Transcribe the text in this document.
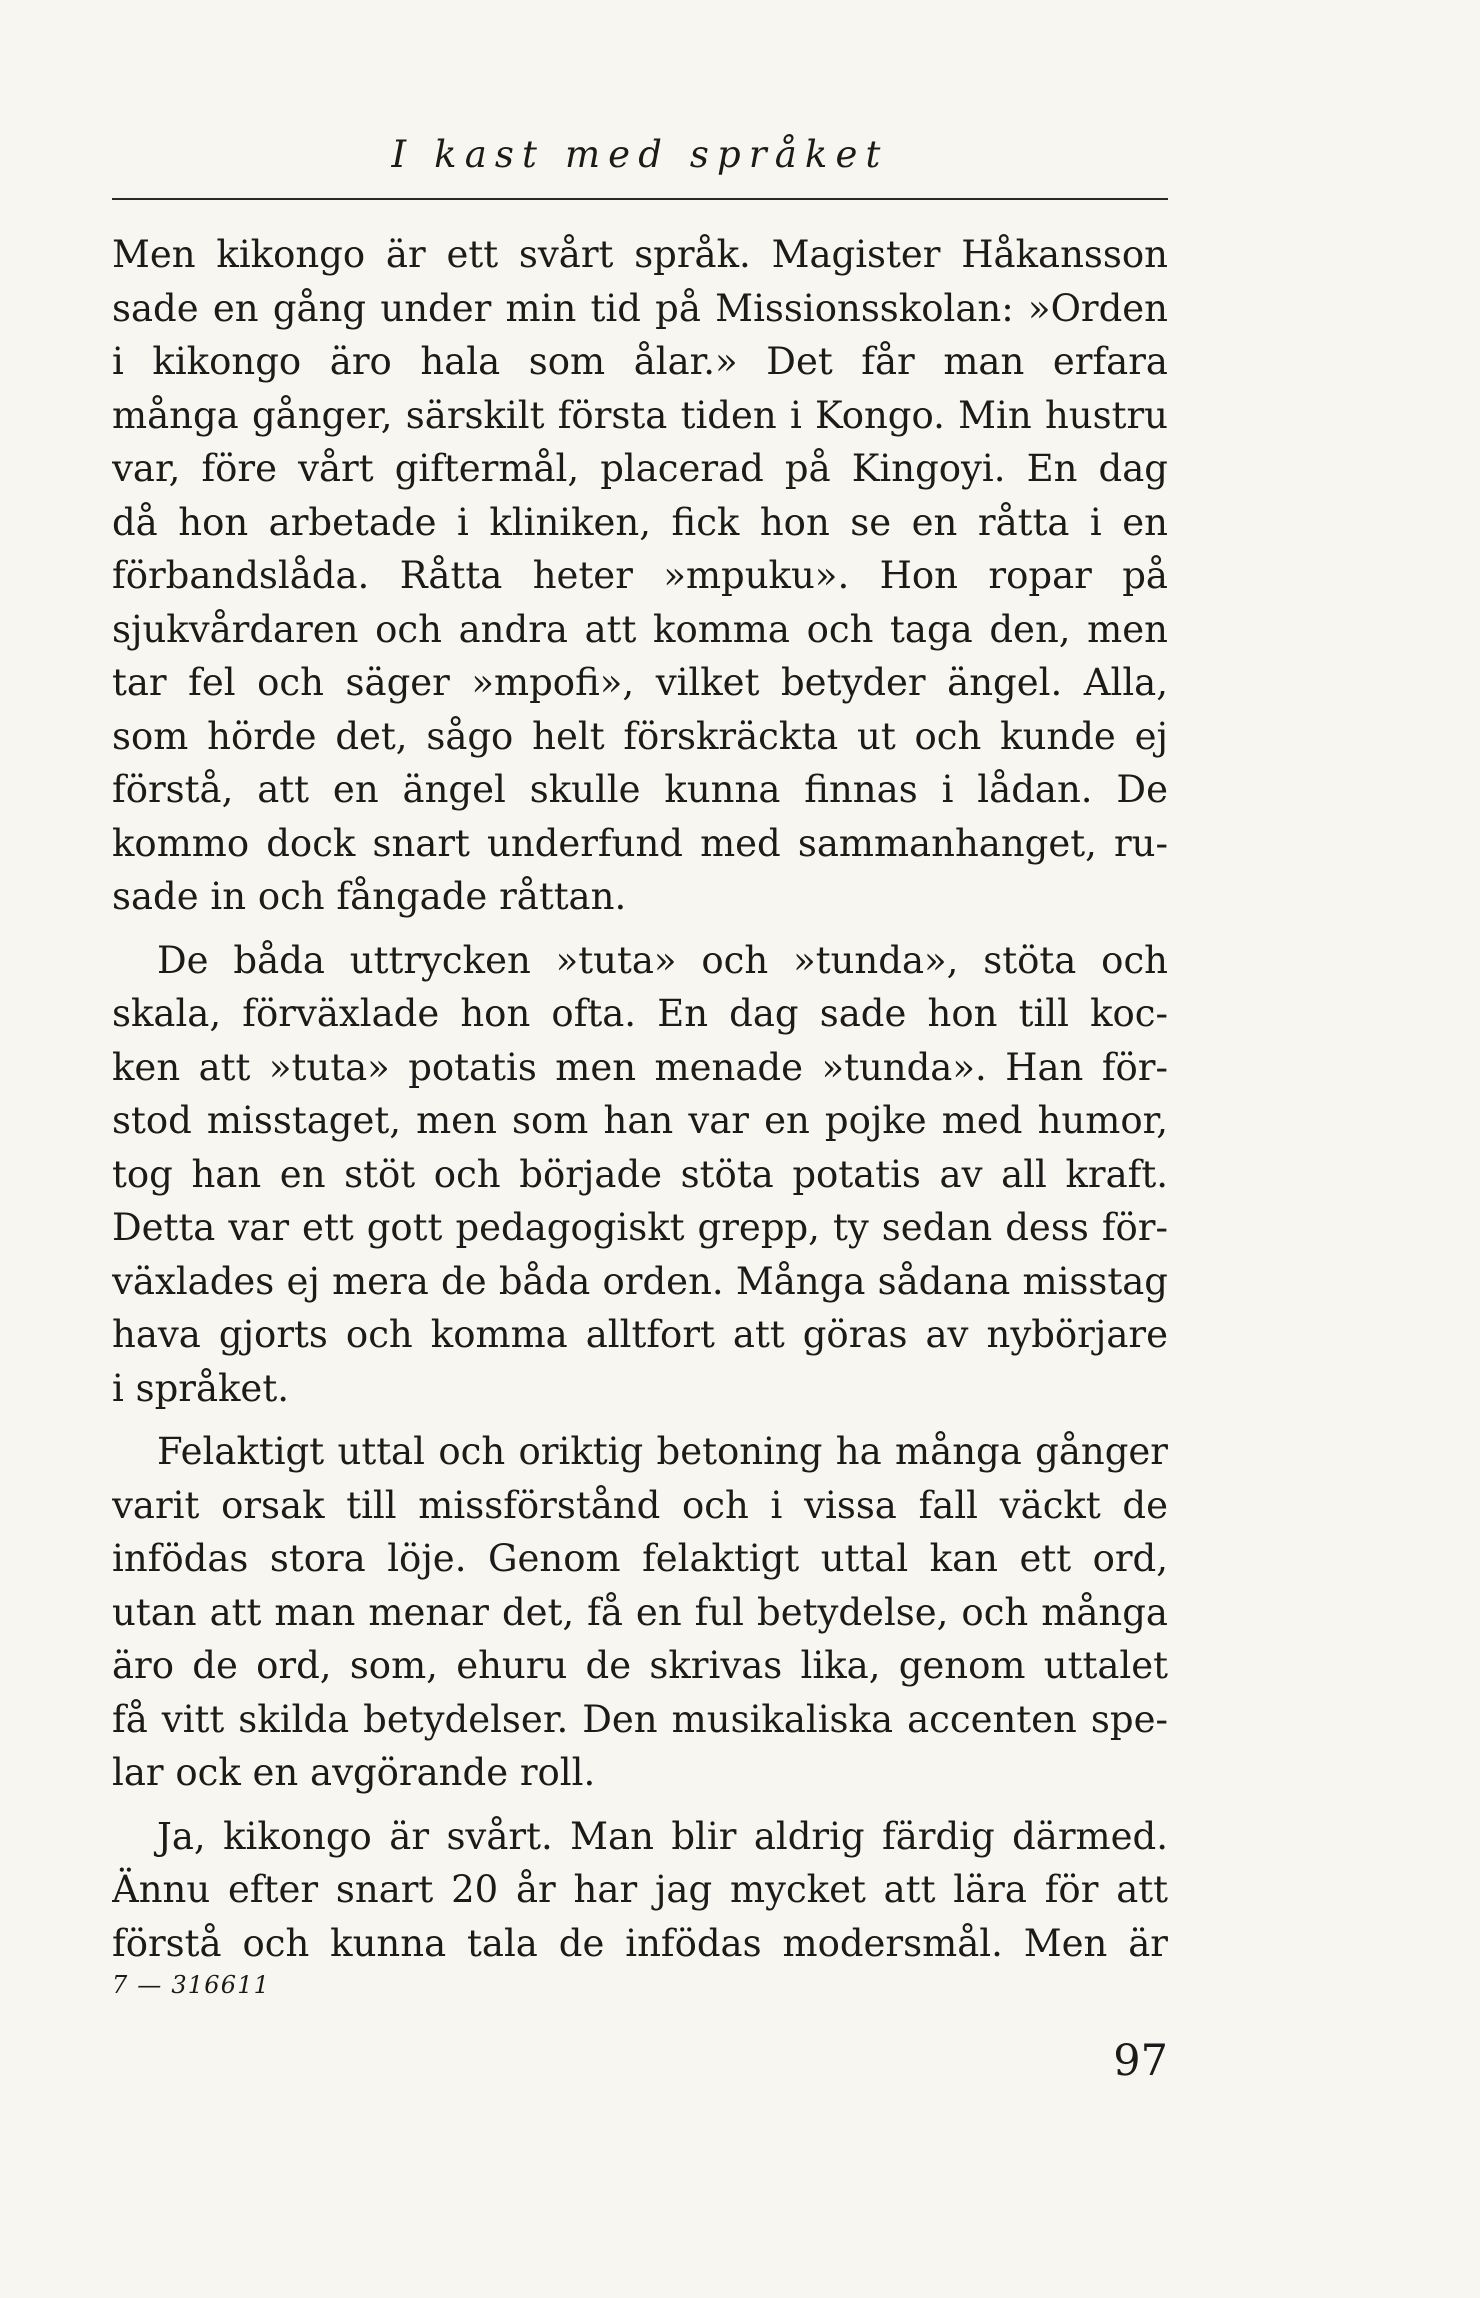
I kast med språket
Men kikongo är ett svårt språk. Magister Håkansson
sade en gång under min tid på Missionsskolan: »Orden
i kikongo äro hala som ålar.» Det får man erfara
många gånger, särskilt första tiden i Kongo. Min hustru
var, före vårt giftermål, placerad på Kingoyi. En dag
då hon arbetade i kliniken, fick hon se en råtta i en
förbandslåda. Råtta heter »mpuku». Hon ropar på
sjukvårdaren och andra att komma och taga den, men
tar fel och säger »mpofi», vilket betyder ängel. Alla,
som hörde det, sågo helt förskräckta ut och kunde ej
förstå, att en ängel skulle kunna finnas i lådan. De
kommo dock snart underfund med sammanhanget, ru-
sade in och fångade råttan.
De båda uttrycken »tuta» och »tunda», stöta och
skala, förväxlade hon ofta. En dag sade hon till koc-
ken att »tuta» potatis men menade »tunda». Han för-
stod misstaget, men som han var en pojke med humor,
tog han en stöt och började stöta potatis av all kraft.
Detta var ett gott pedagogiskt grepp, ty sedan dess för-
växlades ej mera de båda orden. Många sådana misstag
hava gjorts och komma alltfort att göras av nybörjare
i språket.
Felaktigt uttal och oriktig betoning ha många gånger
varit orsak till missförstånd och i vissa fall väckt de
infödas stora löje. Genom felaktigt uttal kan ett ord,
utan att man menar det, få en ful betydelse, och många
äro de ord, som, ehuru de skrivas lika, genom uttalet
få vitt skilda betydelser. Den musikaliska accenten spe-
lar ock en avgörande roll.
Ja, kikongo är svårt. Man blir aldrig färdig därmed.
Ännu efter snart 20 år har jag mycket att lära för att
förstå och kunna tala de infödas modersmål. Men är
7 — 316611
97
